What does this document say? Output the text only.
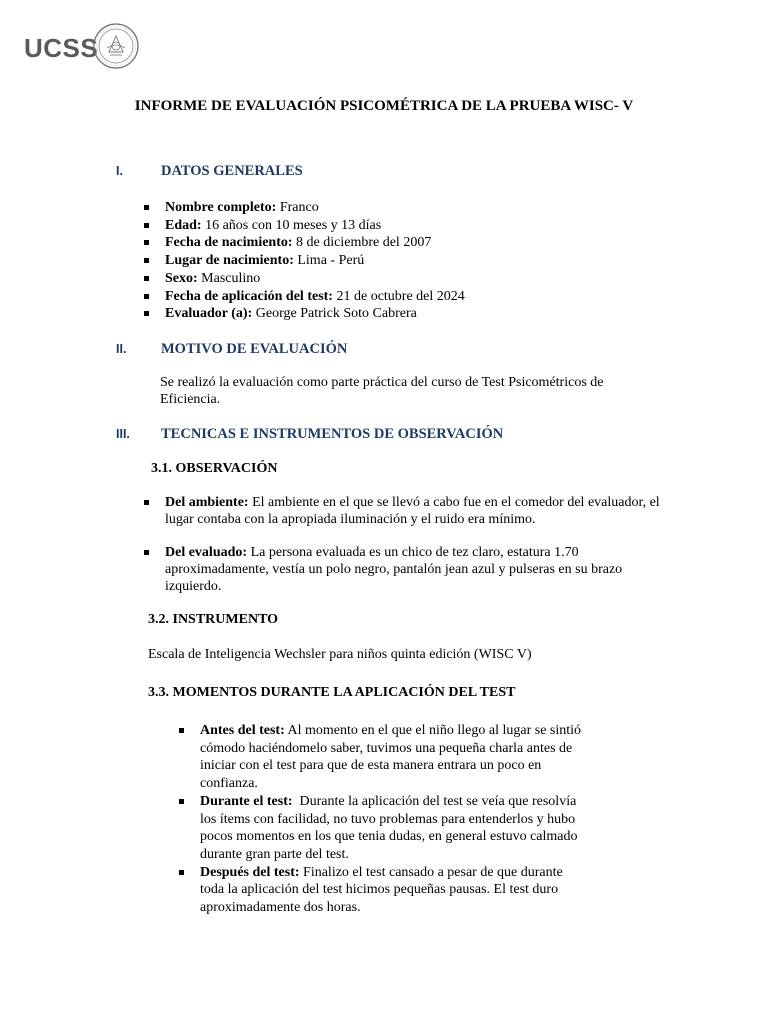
UCSS
INFORME DE EVALUACIÓN PSICOMÉTRICA DE LA PRUEBA WISC- V
I.	DATOS GENERALES
Nombre completo: Franco
Edad: 16 años con 10 meses y 13 días
Fecha de nacimiento: 8 de diciembre del 2007
Lugar de nacimiento: Lima - Perú
Sexo: Masculino
Fecha de aplicación del test: 21 de octubre del 2024
Evaluador (a): George Patrick Soto Cabrera
II. MOTIVO DE EVALUACIÓN
Se realizó la evaluación como parte práctica del curso de Test Psicométricos de
Eficiencia.
III. TECNICAS E INSTRUMENTOS DE OBSERVACIÓN
3.1. OBSERVACIÓN
Del ambiente: El ambiente en el que se llevó a cabo fue en el comedor del evaluador, el
lugar contaba con la apropiada iluminación y el ruido era mínimo.
Del evaluado: La persona evaluada es un chico de tez claro, estatura 1.70
aproximadamente, vestía un polo negro, pantalón jean azul y pulseras en su brazo
izquierdo.
3.2. INSTRUMENTO
Escala de Inteligencia Wechsler para niños quinta edición (WISC V)
3.3. MOMENTOS DURANTE LA APLICACIÓN DEL TEST
Antes del test: Al momento en el que el niño llego al lugar se sintió
cómodo haciéndomelo saber, tuvimos una pequeña charla antes de
iniciar con el test para que de esta manera entrara un poco en
confianza.
Durante el test:  Durante la aplicación del test se veía que resolvía
los ítems con facilidad, no tuvo problemas para entenderlos y hubo
pocos momentos en los que tenia dudas, en general estuvo calmado
durante gran parte del test.
Después del test: Finalizo el test cansado a pesar de que durante
toda la aplicación del test hicimos pequeñas pausas. El test duro
aproximadamente dos horas.
